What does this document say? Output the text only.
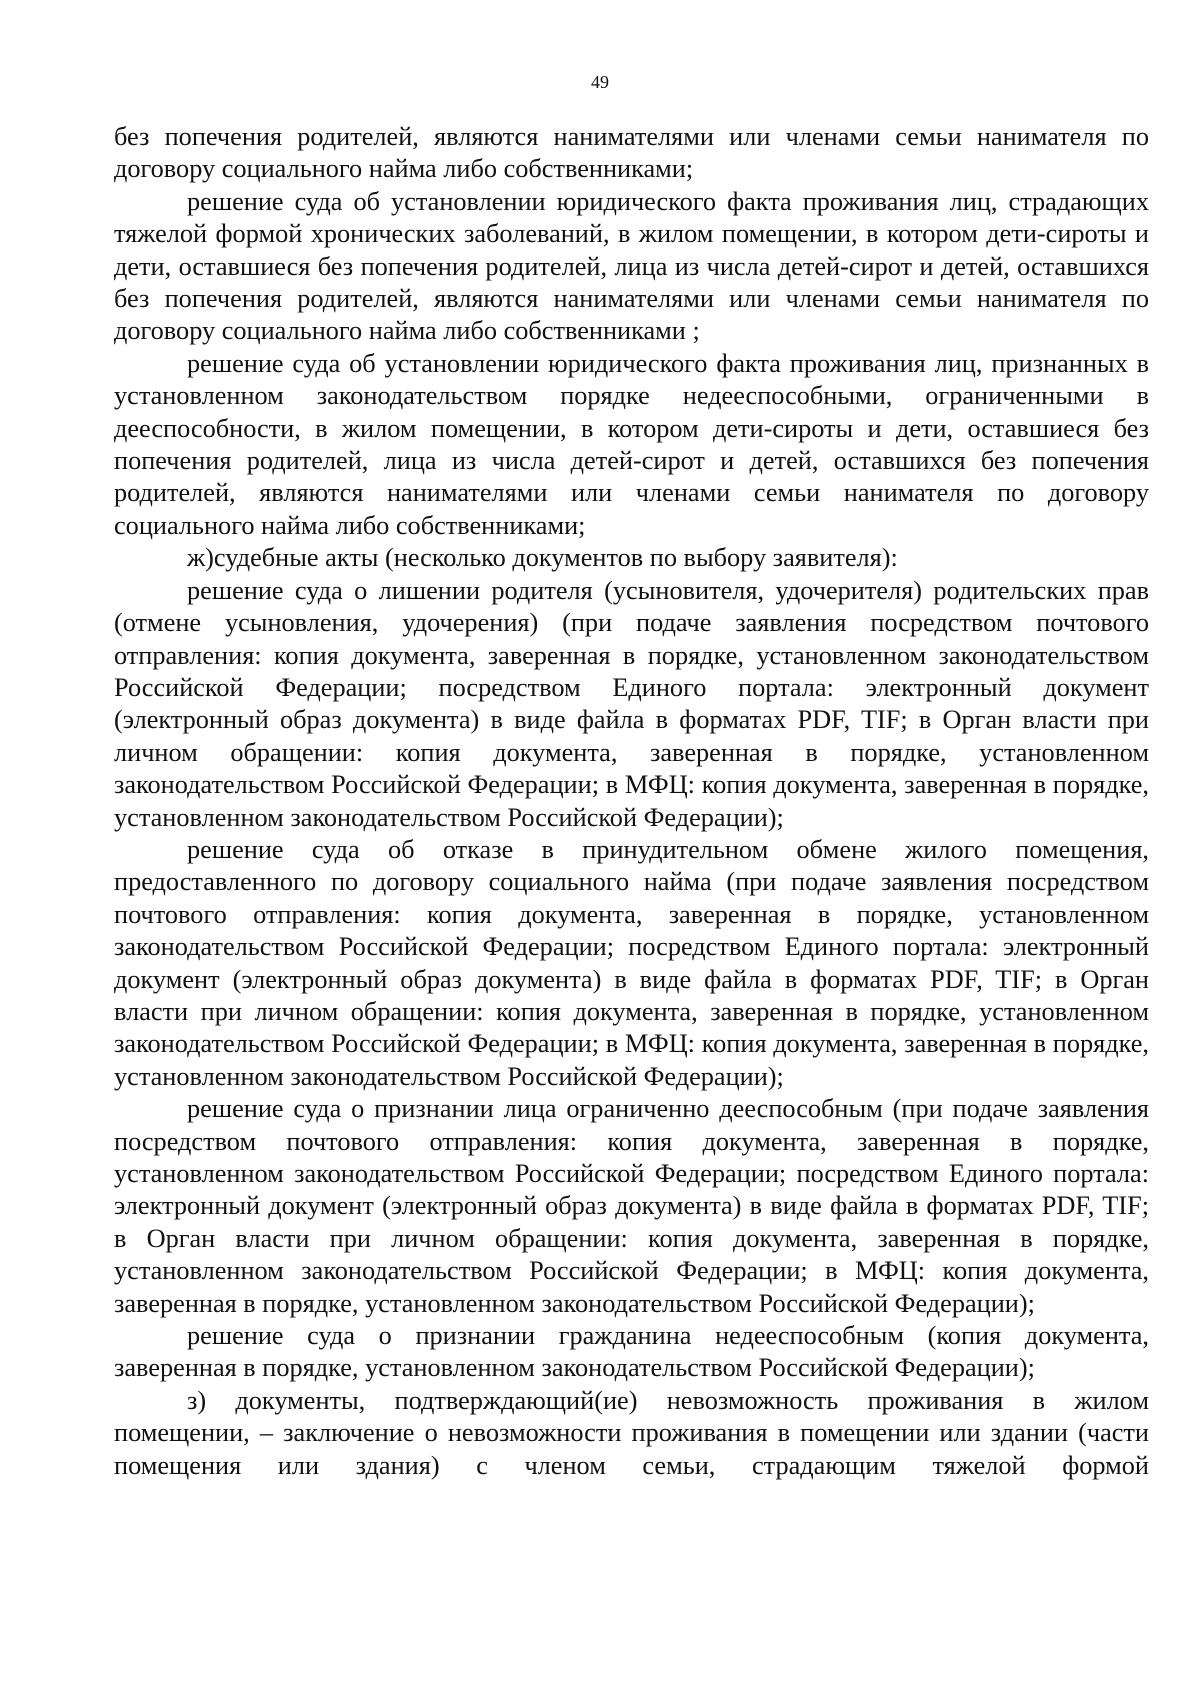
49

без попечения родителей, являются нанимателями или членами семьи нанимателя по договору социального найма либо собственниками;

решение суда об установлении юридического факта проживания лиц, страдающих тяжелой формой хронических заболеваний, в жилом помещении, в котором дети-сироты и дети, оставшиеся без попечения родителей, лица из числа детей-сирот и детей, оставшихся без попечения родителей, являются нанимателями или членами семьи нанимателя по договору социального найма либо собственниками ;

решение суда об установлении юридического факта проживания лиц, признанных в установленном законодательством порядке недееспособными, ограниченными в дееспособности, в жилом помещении, в котором дети-сироты и дети, оставшиеся без попечения родителей, лица из числа детей-сирот и детей, оставшихся без попечения родителей, являются нанимателями или членами семьи нанимателя по договору социального найма либо собственниками;

ж)судебные акты (несколько документов по выбору заявителя):

решение суда о лишении родителя (усыновителя, удочерителя) родительских прав (отмене усыновления, удочерения) (при подаче заявления посредством почтового отправления: копия документа, заверенная в порядке, установленном законодательством Российской Федерации; посредством Единого портала: электронный документ (электронный образ документа) в виде файла в форматах PDF, TIF; в Орган власти при личном обращении: копия документа, заверенная в порядке, установленном законодательством Российской Федерации; в МФЦ: копия документа, заверенная в порядке, установленном законодательством Российской Федерации);

решение суда об отказе в принудительном обмене жилого помещения, предоставленного по договору социального найма (при подаче заявления посредством почтового отправления: копия документа, заверенная в порядке, установленном законодательством Российской Федерации; посредством Единого портала: электронный документ (электронный образ документа) в виде файла в форматах PDF, TIF; в Орган власти при личном обращении: копия документа, заверенная в порядке, установленном законодательством Российской Федерации; в МФЦ: копия документа, заверенная в порядке, установленном законодательством Российской Федерации);

решение суда о признании лица ограниченно дееспособным (при подаче заявления посредством почтового отправления: копия документа, заверенная в порядке, установленном законодательством Российской Федерации; посредством Единого портала: электронный документ (электронный образ документа) в виде файла в форматах PDF, TIF; в Орган власти при личном обращении: копия документа, заверенная в порядке, установленном законодательством Российской Федерации; в МФЦ: копия документа, заверенная в порядке, установленном законодательством Российской Федерации);

решение суда о признании гражданина недееспособным (копия документа, заверенная в порядке, установленном законодательством Российской Федерации);

з) документы, подтверждающий(ие) невозможность проживания в жилом помещении, – заключение о невозможности проживания в помещении или здании (части помещения или здания) с членом семьи, страдающим тяжелой формой
